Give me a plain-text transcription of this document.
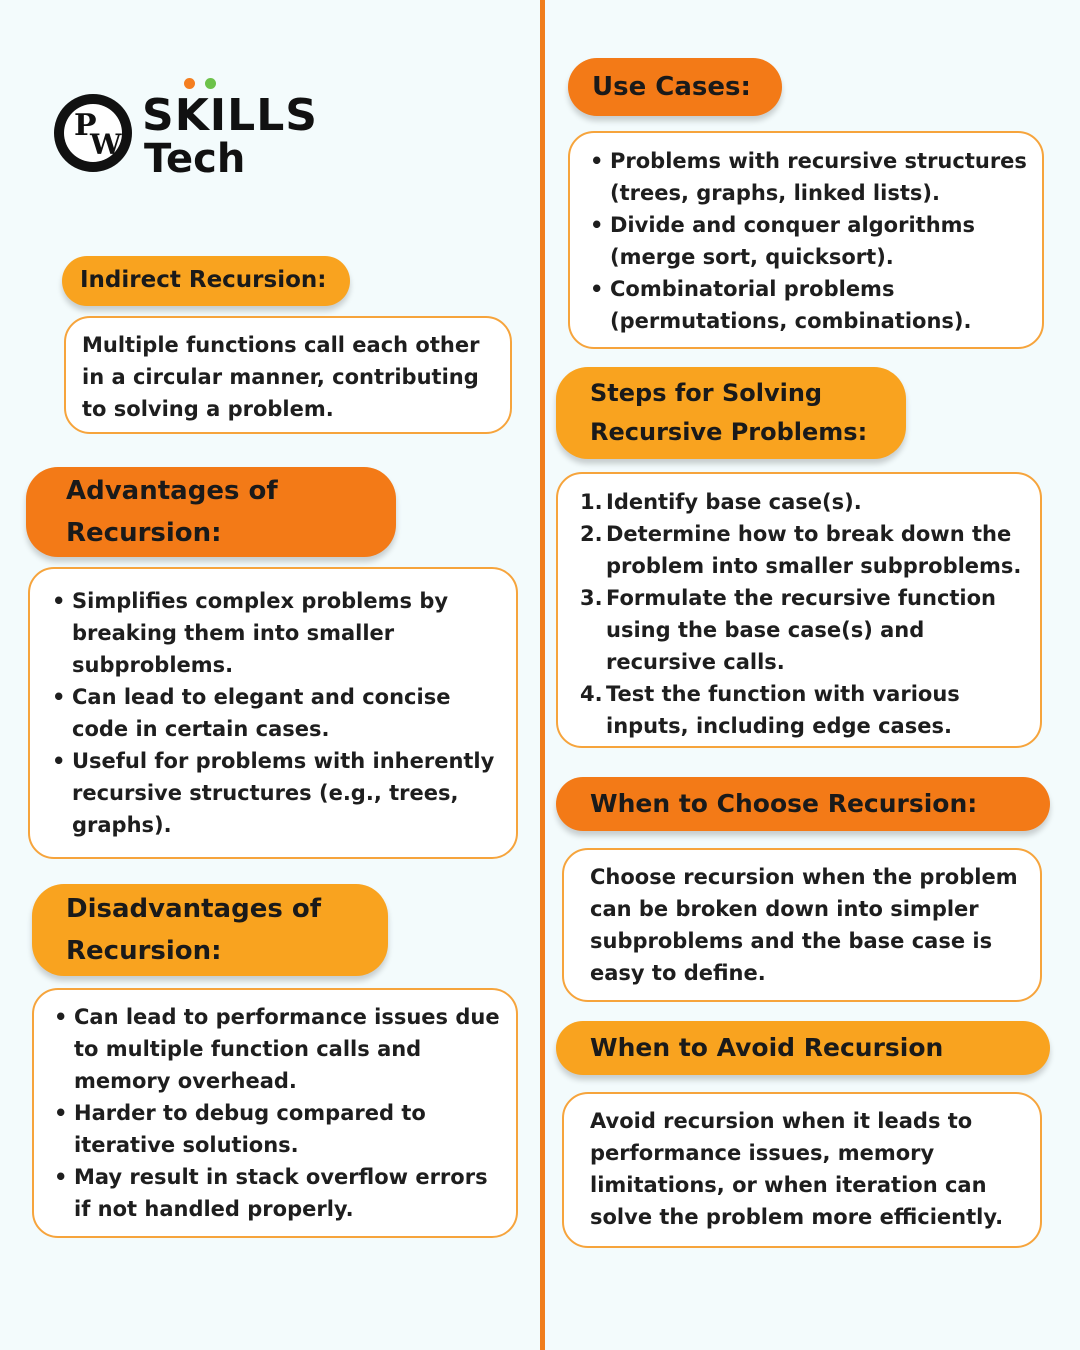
P
W
SKILLS
Tech
Indirect Recursion:

Multiple functions call each other in a circular manner, contributing to solving a problem.

Advantages of Recursion:
• Simplifies complex problems by breaking them into smaller subproblems.
• Can lead to elegant and concise code in certain cases.
• Useful for problems with inherently recursive structures (e.g., trees, graphs).
Disadvantages of Recursion:
• Can lead to performance issues due to multiple function calls and memory overhead.
• Harder to debug compared to iterative solutions.
• May result in stack overflow errors if not handled properly.
Use Cases:
• Problems with recursive structures (trees, graphs, linked lists).
• Divide and conquer algorithms (merge sort, quicksort).
• Combinatorial problems (permutations, combinations).
Steps for Solving Recursive Problems:
1. Identify base case(s).
2. Determine how to break down the problem into smaller subproblems.
3. Formulate the recursive function using the base case(s) and recursive calls.
4. Test the function with various inputs, including edge cases.
When to Choose Recursion:

Choose recursion when the problem can be broken down into simpler subproblems and the base case is easy to define.

When to Avoid Recursion

Avoid recursion when it leads to performance issues, memory limitations, or when iteration can solve the problem more efficiently.
